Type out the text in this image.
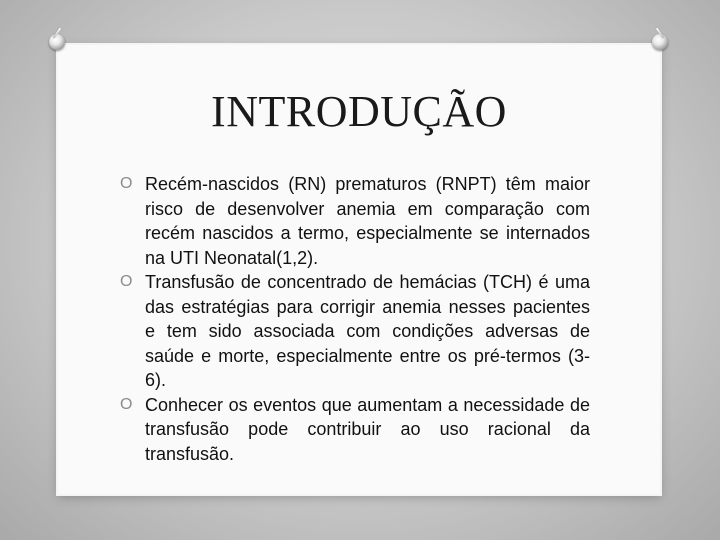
INTRODUÇÃO
O Recém-nascidos (RN) prematuros (RNPT) têm maior risco de desenvolver anemia em comparação com recém nascidos a termo, especialmente se internados na UTI Neonatal(1,2).
O Transfusão de concentrado de hemácias (TCH) é uma das estratégias para corrigir anemia nesses pacientes e tem sido associada com condições adversas de saúde e morte, especialmente entre os pré-termos (3-6).
O Conhecer os eventos que aumentam a necessidade de transfusão pode contribuir ao uso racional da transfusão.
